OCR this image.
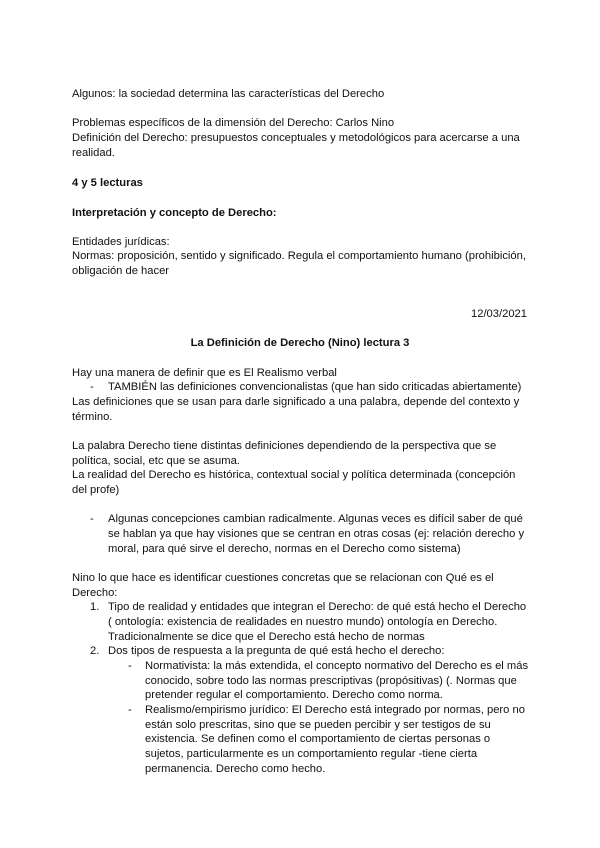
Algunos: la sociedad determina las características del Derecho
Problemas específicos de la dimensión del Derecho: Carlos Nino
Definición del Derecho: presupuestos conceptuales y metodológicos para acercarse a una
realidad.
4 y 5 lecturas
Interpretación y concepto de Derecho:
Entidades jurídicas:
Normas: proposición, sentido y significado. Regula el comportamiento humano (prohibición,
obligación de hacer
12/03/2021
La Definición de Derecho (Nino) lectura 3
Hay una manera de definir que es El Realismo verbal
- TAMBIÉN las definiciones convencionalistas (que han sido criticadas abiertamente)
Las definiciones que se usan para darle significado a una palabra, depende del contexto y
término.
La palabra Derecho tiene distintas definiciones dependiendo de la perspectiva que se
política, social, etc que se asuma.
La realidad del Derecho es histórica, contextual social y política determinada (concepción
del profe)
- Algunas concepciones cambian radicalmente. Algunas veces es difícil saber de qué
se hablan ya que hay visiones que se centran en otras cosas (ej: relación derecho y
moral, para qué sirve el derecho, normas en el Derecho como sistema)
Nino lo que hace es identificar cuestiones concretas que se relacionan con Qué es el
Derecho:
1. Tipo de realidad y entidades que integran el Derecho: de qué está hecho el Derecho
( ontología: existencia de realidades en nuestro mundo) ontología en Derecho.
Tradicionalmente se dice que el Derecho está hecho de normas
2. Dos tipos de respuesta a la pregunta de qué está hecho el derecho:
- Normativista: la más extendida, el concepto normativo del Derecho es el más
conocido, sobre todo las normas prescriptivas (propósitivas) (. Normas que
pretender regular el comportamiento. Derecho como norma.
- Realismo/empirismo jurídico: El Derecho está integrado por normas, pero no
están solo prescritas, sino que se pueden percibir y ser testigos de su
existencia. Se definen como el comportamiento de ciertas personas o
sujetos, particularmente es un comportamiento regular -tiene cierta
permanencia. Derecho como hecho.
